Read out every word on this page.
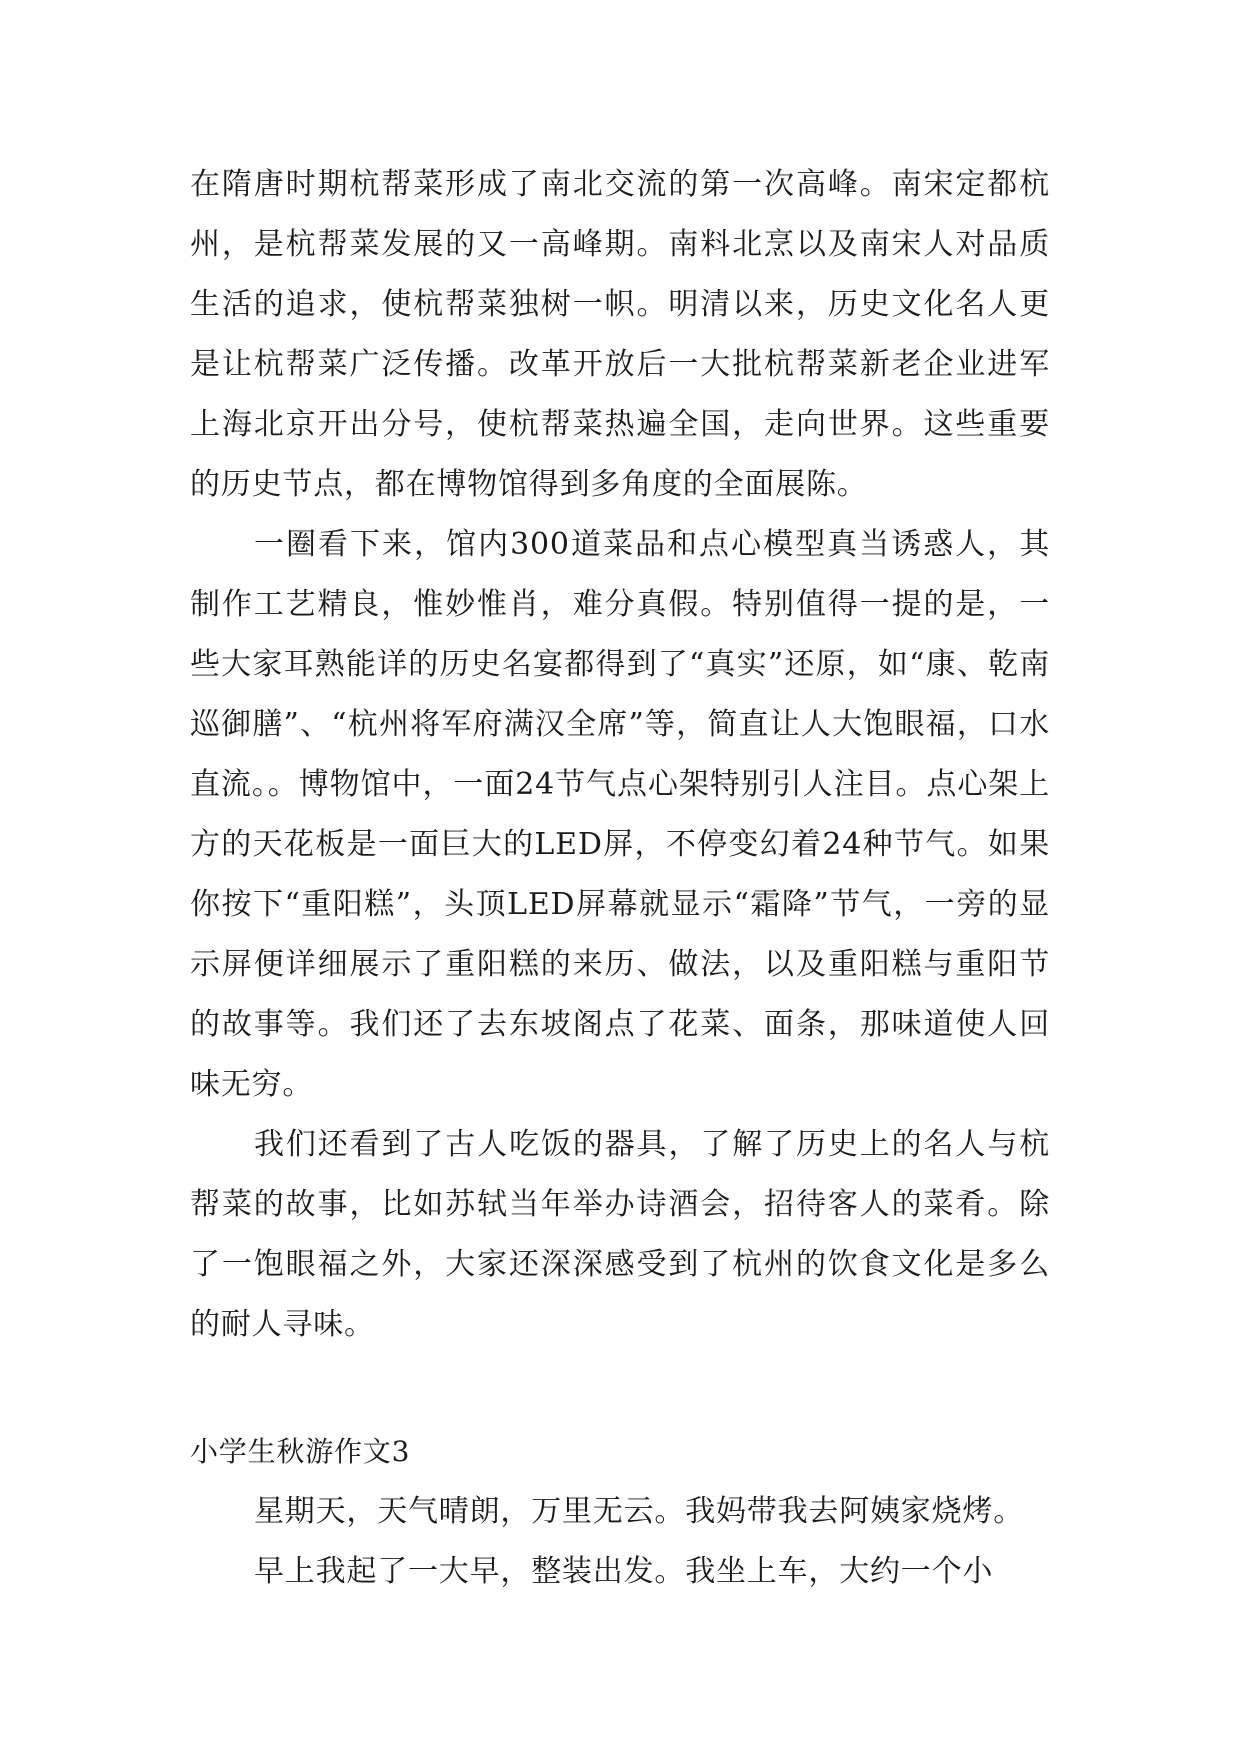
在隋唐时期杭帮菜形成了南北交流的第一次高峰。南宋定都杭州，是杭帮菜发展的又一高峰期。南料北烹以及南宋人对品质生活的追求，使杭帮菜独树一帜。明清以来，历史文化名人更是让杭帮菜广泛传播。改革开放后一大批杭帮菜新老企业进军上海北京开出分号，使杭帮菜热遍全国，走向世界。这些重要的历史节点，都在博物馆得到多角度的全面展陈。

一圈看下来，馆内300道菜品和点心模型真当诱惑人，其制作工艺精良，惟妙惟肖，难分真假。特别值得一提的是，一些大家耳熟能详的历史名宴都得到了“真实”还原，如“康、乾南巡御膳”、“杭州将军府满汉全席”等，简直让人大饱眼福，口水直流。。博物馆中，一面24节气点心架特别引人注目。点心架上方的天花板是一面巨大的LED屏，不停变幻着24种节气。如果你按下“重阳糕”，头顶LED屏幕就显示“霜降”节气，一旁的显示屏便详细展示了重阳糕的来历、做法，以及重阳糕与重阳节的故事等。我们还了去东坡阁点了花菜、面条，那味道使人回味无穷。

我们还看到了古人吃饭的器具，了解了历史上的名人与杭帮菜的故事，比如苏轼当年举办诗酒会，招待客人的菜肴。除了一饱眼福之外，大家还深深感受到了杭州的饮食文化是多么的耐人寻味。

小学生秋游作文3

星期天，天气晴朗，万里无云。我妈带我去阿姨家烧烤。

早上我起了一大早，整装出发。我坐上车，大约一个小
